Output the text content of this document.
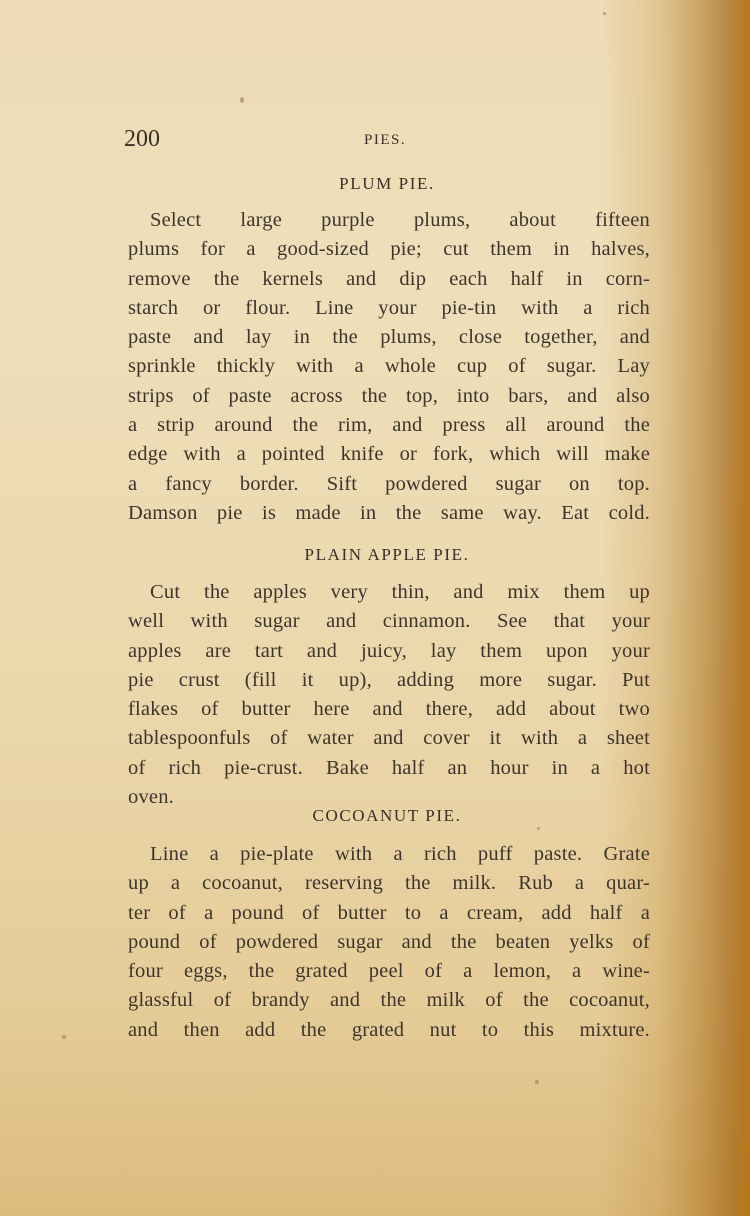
200	PIES.
PLUM PIE.

Select large purple plums, about fifteen
plums for a good-sized pie; cut them in halves,
remove the kernels and dip each half in corn-
starch or flour. Line your pie-tin with a rich
paste and lay in the plums, close together, and
sprinkle thickly with a whole cup of sugar. Lay
strips of paste across the top, into bars, and also
a strip around the rim, and press all around the
edge with a pointed knife or fork, which will make
a fancy border. Sift powdered sugar on top.
Damson pie is made in the same way. Eat cold.

PLAIN APPLE PIE.

Cut the apples very thin, and mix them up
well with sugar and cinnamon. See that your
apples are tart and juicy, lay them upon your
pie crust (fill it up), adding more sugar. Put
flakes of butter here and there, add about two
tablespoonfuls of water and cover it with a sheet
of rich pie-crust. Bake half an hour in a hot
oven.

COCOANUT PIE.

Line a pie-plate with a rich puff paste. Grate
up a cocoanut, reserving the milk. Rub a quar-
ter of a pound of butter to a cream, add half a
pound of powdered sugar and the beaten yelks of
four eggs, the grated peel of a lemon, a wine-
glassful of brandy and the milk of the cocoanut,
and then add the grated nut to this mixture.
